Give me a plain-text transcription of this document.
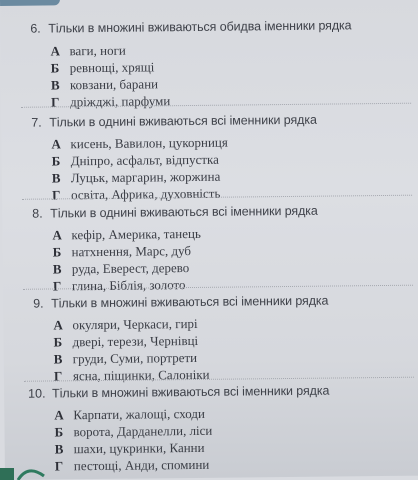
6. Тільки в множині вживаються обидва іменники рядка
А ваги, ноги
Б ревнощі, хрящі
В ковзани, барани
Г дріжджі, парфуми
7. Тільки в однині вживаються всі іменники рядка
А кисень, Вавилон, цукорниця
Б Дніпро, асфальт, відпустка
В Луцьк, маргарин, жоржина
Г освіта, Африка, духовність
8. Тільки в однині вживаються всі іменники рядка
А кефір, Америка, танець
Б натхнення, Марс, дуб
В руда, Еверест, дерево
Г глина, Біблія, золото
9. Тільки в множині вживаються всі іменники рядка
А окуляри, Черкаси, гирі
Б двері, терези, Чернівці
В груди, Суми, портрети
Г ясна, піщинки, Салоніки
10. Тільки в множині вживаються всі іменники рядка
А Карпати, жалощі, сходи
Б ворота, Дарданелли, ліси
В шахи, цукринки, Канни
Г пестощі, Анди, спомини
